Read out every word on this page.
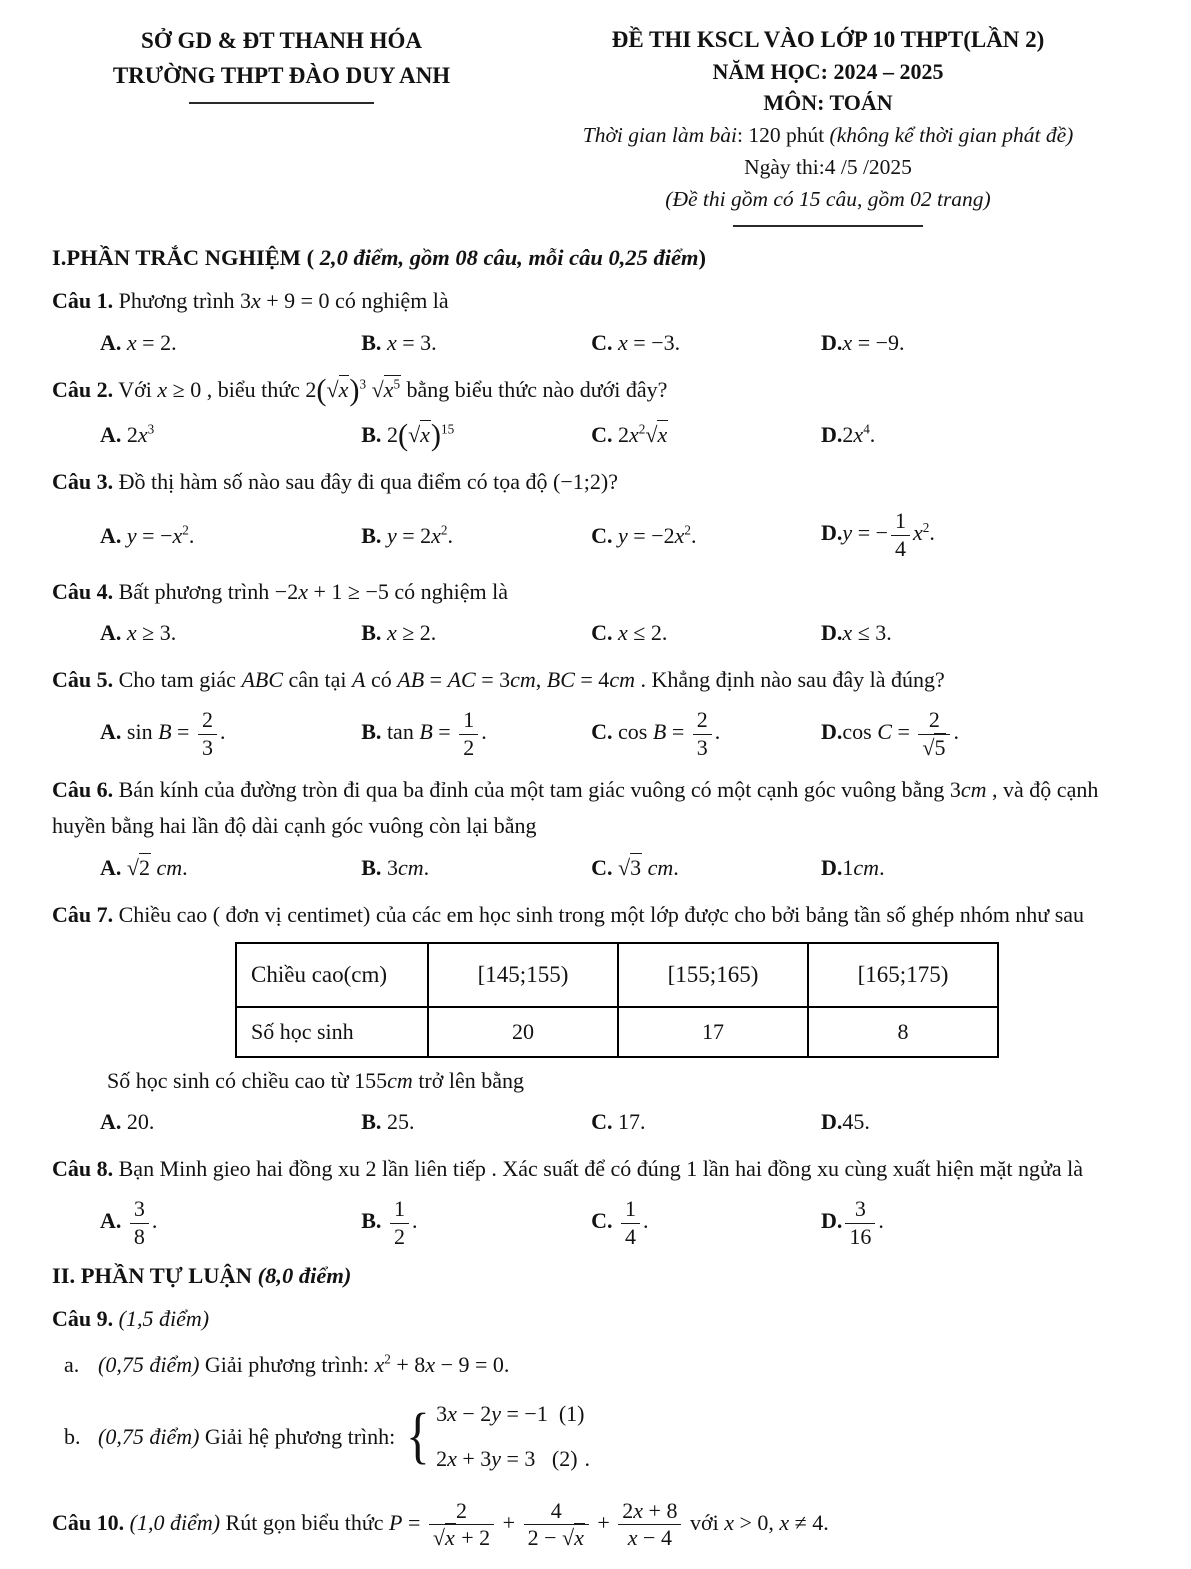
SỞ GD & ĐT THANH HÓA
TRƯỜNG THPT ĐÀO DUY ANH
ĐỀ THI KSCL VÀO LỚP 10 THPT(LẦN 2)
NĂM HỌC: 2024 – 2025
MÔN: TOÁN
Thời gian làm bài: 120 phút (không kể thời gian phát đề)
Ngày thi:4 /5 /2025
(Đề thi gồm có 15 câu, gồm 02 trang)

I.PHẦN TRẮC NGHIỆM ( 2,0 điểm, gồm 08 câu, mỗi câu 0,25 điểm)

Câu 1. Phương trình 3x + 9 = 0 có nghiệm là

A. x = 2.	B. x = 3.	C. x = −3.	D.x = −9.

Câu 2. Với x ≥ 0 , biểu thức $2(√x)^3$ $√x^5$ bằng biểu thức nào dưới đây?

A. $2x^3$	B. $2(√x)^{15}$	C. $2x^2√x$	$D.2x^4$.

Câu 3. Đồ thị hàm số nào sau đây đi qua điểm có tọa độ (−1;2)?

A. $y = -x^2$.	B. $y = 2x^2$.	C. $y = -2x^2$.	D.y = − $\frac{1}{4} x^2$.

Câu 4. Bất phương trình −2x + 1 ≥ −5 có nghiệm là

A. x ≥ 3.	B. x ≥ 2.	C. x ≤ 2.	D.x ≤ 3.

Câu 5. Cho tam giác ABC cân tại A có AB = AC = 3cm, BC = 4cm . Khẳng định nào sau đây là đúng?

A. $\sin B = \frac{2}{3}$ .	B. $\tan B = \frac{1}{2}$ .	C. $\cos B = \frac{2}{3}$ .	D.cos $C = \frac{2}{√5}$ .

Câu 6. Bán kính của đường tròn đi qua ba đỉnh của một tam giác vuông có một cạnh góc vuông bằng 3cm , và độ cạnh huyền bằng hai lần độ dài cạnh góc vuông còn lại bằng

A. √2 cm.	B. 3cm.	C. √3 cm.	D.1cm.

Câu 7. Chiều cao ( đơn vị centimet) của các em học sinh trong một lớp được cho bởi bảng tần số ghép nhóm như sau

Chiều cao(cm)	[145;155)	[155;165)	[165;175)
Số học sinh	20	17	8
Số học sinh có chiều cao từ 155cm trở lên bằng
A. 20.	B. 25.	C. 17.	D.45.

Câu 8. Bạn Minh gieo hai đồng xu 2 lần liên tiếp . Xác suất để có đúng 1 lần hai đồng xu cùng xuất hiện mặt ngửa là

A. $\frac{3}{8}$ .	B. $\frac{1}{2}$ .	C. $\frac{1}{4}$ .	D. $\frac{3}{16}$ .

II. PHẦN TỰ LUẬN (8,0 điểm)

Câu 9. (1,5 điểm)

a. (0,75 điểm) Giải phương trình: $x^2 + 8x - 9 = 0$.
b. (0,75 điểm) Giải hệ phương trình: { 3x − 2y = −1  (1)
2x + 3y = 3   (2) .

Câu 10. (1,0 điểm) Rút gọn biểu thức $P = \frac{2}{√x + 2} + \frac{4}{2 - √x} + \frac{2x + 8}{x - 4}$ với x > 0, x ≠ 4.
